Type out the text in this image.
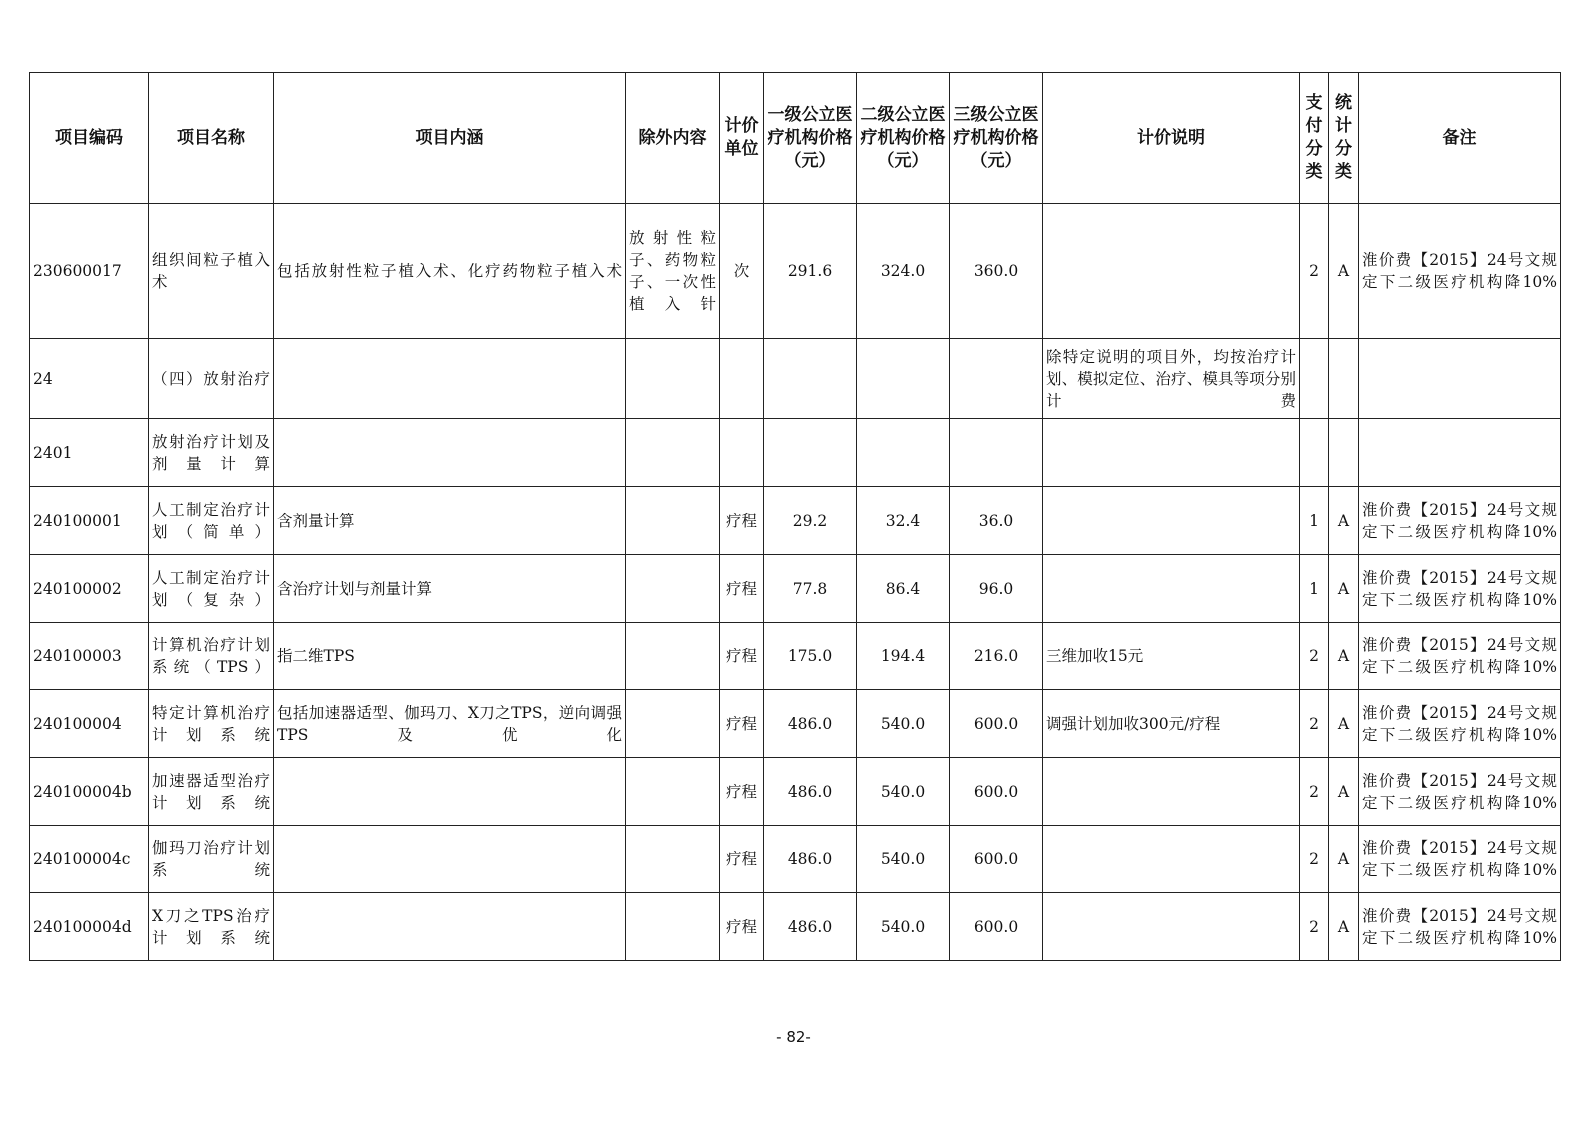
项目编码	项目名称	项目内涵	除外内容	计价单位	一级公立医疗机构价格（元）	二级公立医疗机构价格（元）	三级公立医疗机构价格（元）	计价说明	支付分类	统计分类	备注
230600017	组织间粒子植入术	包括放射性粒子植入术、化疗药物粒子植入术	放射性粒子、药物粒子、一次性植入针	次	291.6	324.0	360.0		2	A	淮价费【2015】24号文规定下二级医疗机构降10%
24	（四）放射治疗							除特定说明的项目外，均按治疗计划、模拟定位、治疗、模具等项分别计费			
2401	放射治疗计划及剂量计算										
240100001	人工制定治疗计划（简单）	含剂量计算		疗程	29.2	32.4	36.0		1	A	淮价费【2015】24号文规定下二级医疗机构降10%
240100002	人工制定治疗计划（复杂）	含治疗计划与剂量计算		疗程	77.8	86.4	96.0		1	A	淮价费【2015】24号文规定下二级医疗机构降10%
240100003	计算机治疗计划系统（TPS）	指二维TPS		疗程	175.0	194.4	216.0	三维加收15元	2	A	淮价费【2015】24号文规定下二级医疗机构降10%
240100004	特定计算机治疗计划系统	包括加速器适型、伽玛刀、X刀之TPS，逆向调强TPS及优化		疗程	486.0	540.0	600.0	调强计划加收300元/疗程	2	A	淮价费【2015】24号文规定下二级医疗机构降10%
240100004b	加速器适型治疗计划系统			疗程	486.0	540.0	600.0		2	A	淮价费【2015】24号文规定下二级医疗机构降10%
240100004c	伽玛刀治疗计划系统			疗程	486.0	540.0	600.0		2	A	淮价费【2015】24号文规定下二级医疗机构降10%
240100004d	X刀之TPS治疗计划系统			疗程	486.0	540.0	600.0		2	A	淮价费【2015】24号文规定下二级医疗机构降10%
- 82-
